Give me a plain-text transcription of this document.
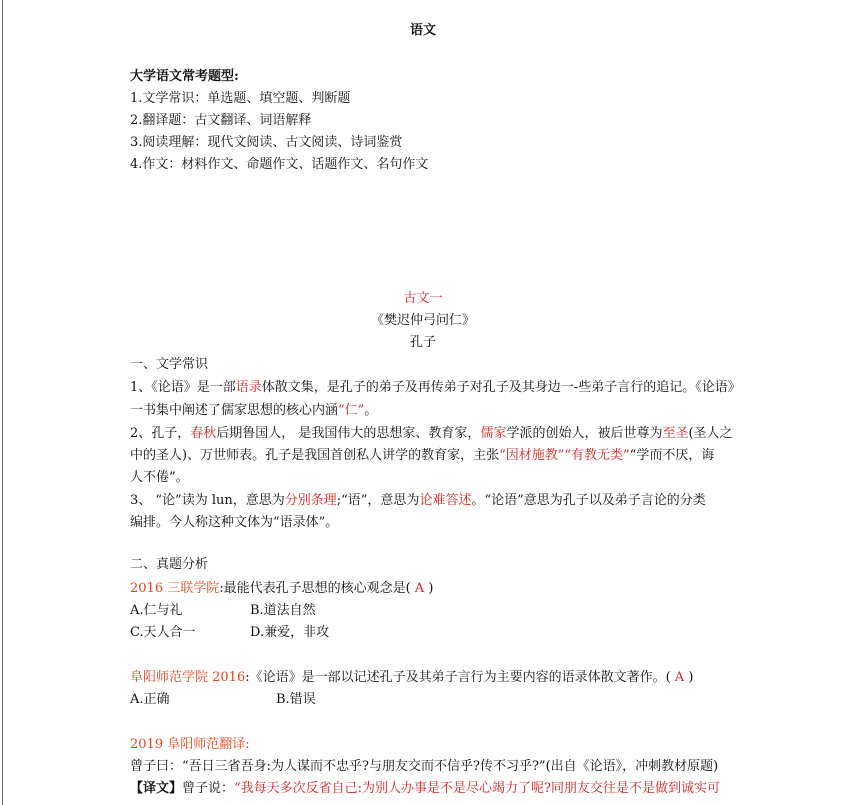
语文
大学语文常考题型:
1.文学常识：单选题、填空题、判断题
2.翻译题：古文翻译、词语解释
3.阅读理解：现代文阅读、古文阅读、诗词鉴赏
4.作文：材料作文、命题作文、话题作文、名句作文
古文一
《樊迟仲弓问仁》
孔子
一、文学常识
1、《论语》是一部语录体散文集，是孔子的弟子及再传弟子对孔子及其身边一-些弟子言行的追记。《论语》
一书集中阐述了儒家思想的核心内涵“仁”。
2、孔子，春秋后期鲁国人， 是我国伟大的思想家、教育家，儒家学派的创始人，被后世尊为至圣(圣人之
中的圣人)、万世师表。孔子是我国首创私人讲学的教育家，主张“因材施教”“有教无类”“学而不厌，诲
人不倦”。
3、 “论”读为 lun，意思为分别条理;“语”，意思为论难答述。“论语”意思为孔子以及弟子言论的分类
编排。今人称这种文体为“语录体”。
二、真题分析
2016 三联学院:最能代表孔子思想的核心观念是( A )
A.仁与礼	B.道法自然
C.天人合一	D.兼爱，非攻
阜阳师范学院 2016:《论语》是一部以记述孔子及其弟子言行为主要内容的语录体散文著作。( A )
A.正确	B.错误
2019 阜阳师范翻译:
曾子曰：“吾日三省吾身:为人谋而不忠乎?与朋友交而不信乎?传不习乎?”(出自《论语》，冲刺教材原题)
【译文】曾子说：“我每天多次反省自己:为别人办事是不是尽心竭力了呢?同朋友交往是不是做到诚实可
